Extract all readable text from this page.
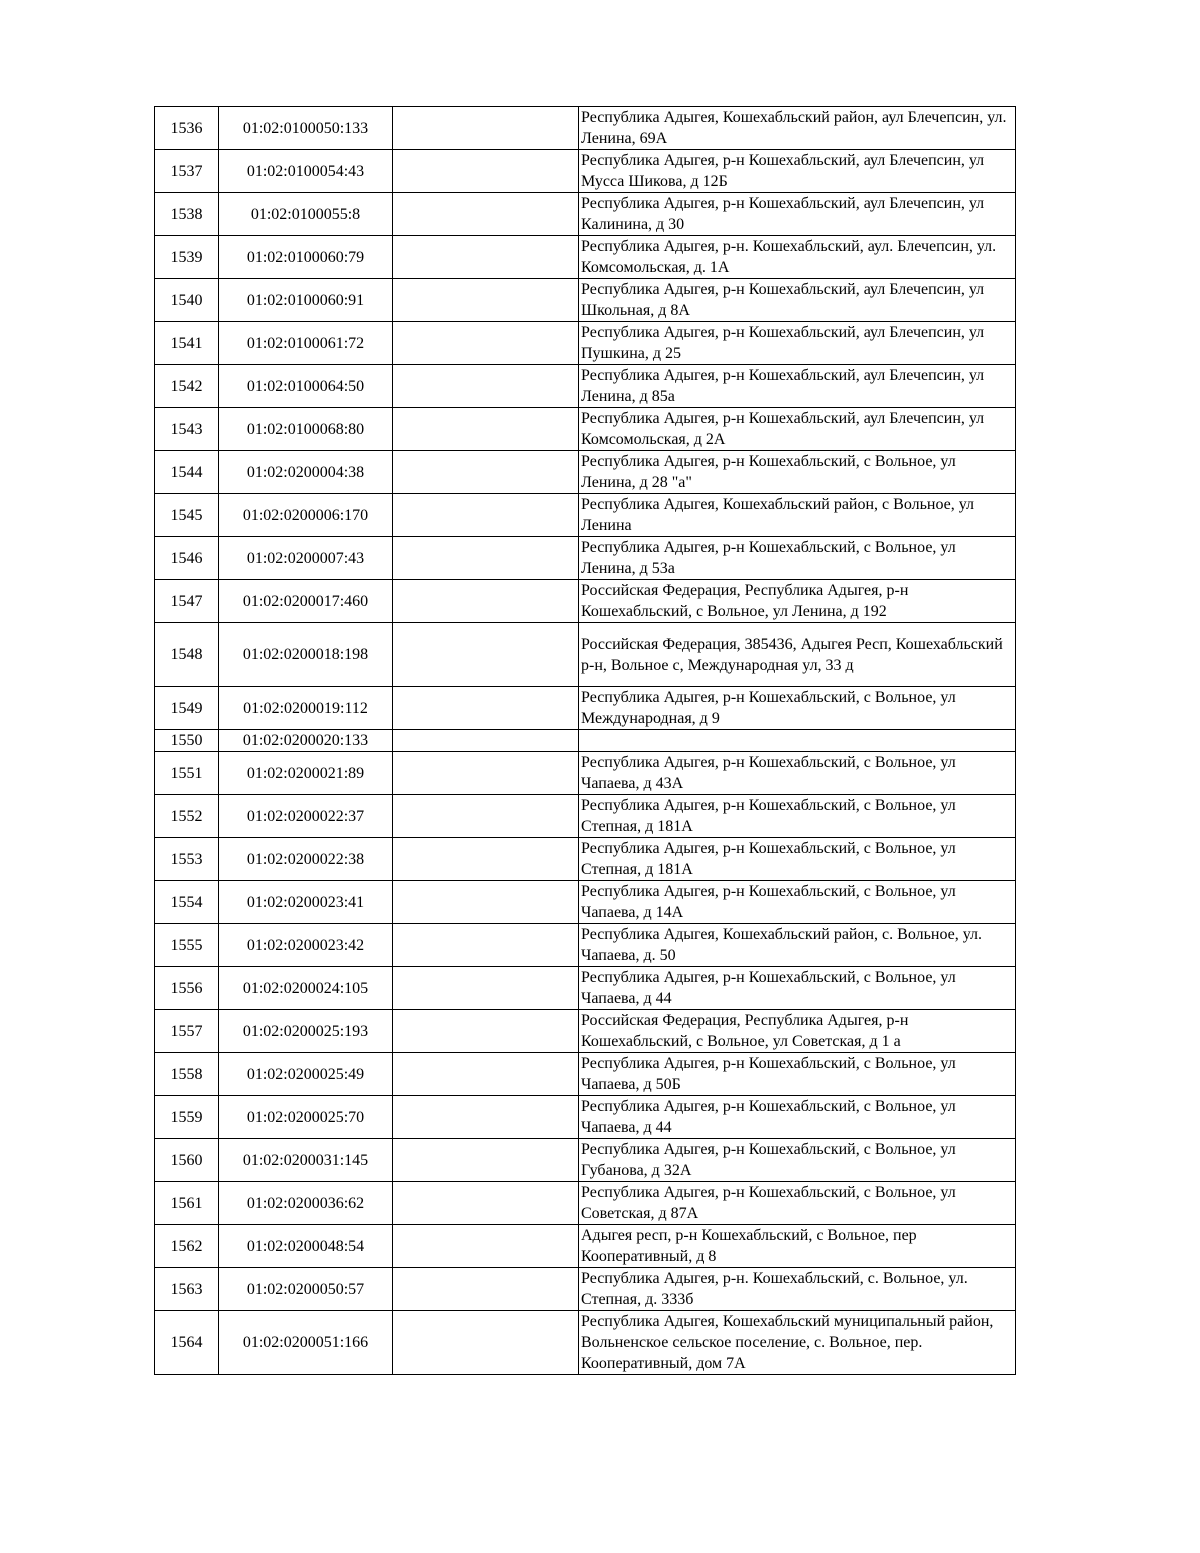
1536	01:02:0100050:133		Республика Адыгея, Кошехабльский район, аул Блечепсин, ул. Ленина, 69А
1537	01:02:0100054:43		Республика Адыгея, р-н Кошехабльский, аул Блечепсин, ул Мусса Шикова, д 12Б
1538	01:02:0100055:8		Республика Адыгея, р-н Кошехабльский, аул Блечепсин, ул Калинина, д 30
1539	01:02:0100060:79		Республика Адыгея, р-н. Кошехабльский, аул. Блечепсин, ул. Комсомольская, д. 1А
1540	01:02:0100060:91		Республика Адыгея, р-н Кошехабльский, аул Блечепсин, ул Школьная, д 8А
1541	01:02:0100061:72		Республика Адыгея, р-н Кошехабльский, аул Блечепсин, ул Пушкина, д 25
1542	01:02:0100064:50		Республика Адыгея, р-н Кошехабльский, аул Блечепсин, ул Ленина, д 85а
1543	01:02:0100068:80		Республика Адыгея, р-н Кошехабльский, аул Блечепсин, ул Комсомольская, д 2А
1544	01:02:0200004:38		Республика Адыгея, р-н Кошехабльский, с Вольное, ул Ленина, д 28 "а"
1545	01:02:0200006:170		Республика Адыгея, Кошехабльский район, с Вольное, ул Ленина
1546	01:02:0200007:43		Республика Адыгея, р-н Кошехабльский, с Вольное, ул Ленина, д 53а
1547	01:02:0200017:460		Российская Федерация, Республика Адыгея, р-н Кошехабльский, с Вольное, ул Ленина, д 192
1548	01:02:0200018:198		Российская Федерация, 385436, Адыгея Респ, Кошехабльский р-н, Вольное с, Международная ул, 33 д
1549	01:02:0200019:112		Республика Адыгея, р-н Кошехабльский, с Вольное, ул Международная, д 9
1550	01:02:0200020:133		
1551	01:02:0200021:89		Республика Адыгея, р-н Кошехабльский, с Вольное, ул Чапаева, д 43А
1552	01:02:0200022:37		Республика Адыгея, р-н Кошехабльский, с Вольное, ул Степная, д 181А
1553	01:02:0200022:38		Республика Адыгея, р-н Кошехабльский, с Вольное, ул Степная, д 181А
1554	01:02:0200023:41		Республика Адыгея, р-н Кошехабльский, с Вольное, ул Чапаева, д 14А
1555	01:02:0200023:42		Республика Адыгея, Кошехабльский район, с. Вольное, ул. Чапаева, д. 50
1556	01:02:0200024:105		Республика Адыгея, р-н Кошехабльский, с Вольное, ул Чапаева, д 44
1557	01:02:0200025:193		Российская Федерация, Республика Адыгея, р-н Кошехабльский, с Вольное, ул Советская, д 1 а
1558	01:02:0200025:49		Республика Адыгея, р-н Кошехабльский, с Вольное, ул Чапаева, д 50Б
1559	01:02:0200025:70		Республика Адыгея, р-н Кошехабльский, с Вольное, ул Чапаева, д 44
1560	01:02:0200031:145		Республика Адыгея, р-н Кошехабльский, с Вольное, ул Губанова, д 32А
1561	01:02:0200036:62		Республика Адыгея, р-н Кошехабльский, с Вольное, ул Советская, д 87А
1562	01:02:0200048:54		Адыгея респ, р-н Кошехабльский, с Вольное, пер Кооперативный, д 8
1563	01:02:0200050:57		Республика Адыгея, р-н. Кошехабльский, с. Вольное, ул. Степная, д. 333б
1564	01:02:0200051:166		Республика Адыгея, Кошехабльский муниципальный район, Вольненское сельское поселение, с. Вольное, пер. Кооперативный, дом 7А
